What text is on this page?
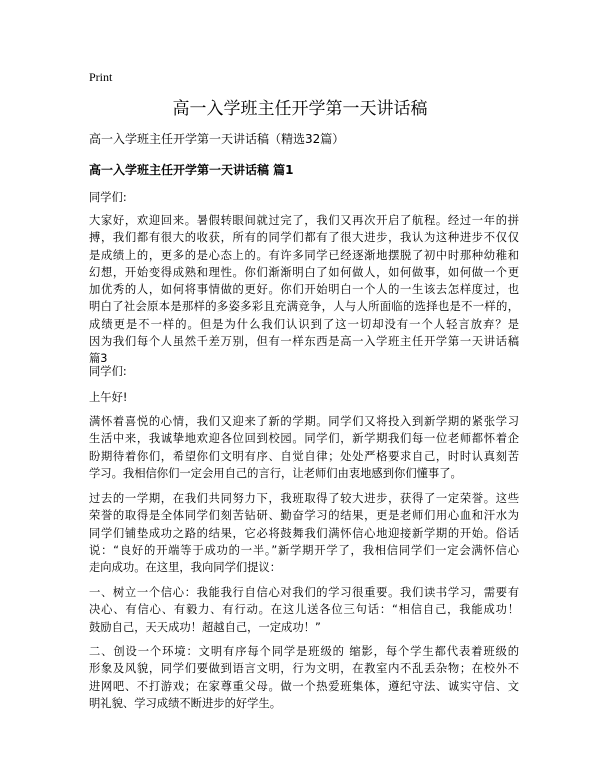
Print
高一入学班主任开学第一天讲话稿
高一入学班主任开学第一天讲话稿（精选32篇）
高一入学班主任开学第一天讲话稿 篇1
同学们:
大家好，欢迎回来。暑假转眼间就过完了，我们又再次开启了航程。经过一年的拼
搏，我们都有很大的收获，所有的同学们都有了很大进步，我认为这种进步不仅仅
是成绩上的，更多的是心态上的。有许多同学已经逐渐地摆脱了初中时那种幼稚和
幻想，开始变得成熟和理性。你们渐渐明白了如何做人，如何做事，如何做一个更
加优秀的人，如何将事情做的更好。你们开始明白一个人的一生该去怎样度过，也
明白了社会原本是那样的多姿多彩且充满竞争，人与人所面临的选择也是不一样的，
成绩更是不一样的。但是为什么我们认识到了这一切却没有一个人轻言放弃？是
因为我们每个人虽然千差万别，但有一样东西是高一入学班主任开学第一天讲话稿
篇3
同学们:
上午好!
满怀着喜悦的心情，我们又迎来了新的学期。同学们又将投入到新学期的紧张学习
生活中来，我诚挚地欢迎各位回到校园。同学们，新学期我们每一位老师都怀着企
盼期待着你们，希望你们文明有序、自觉自律；处处严格要求自己，时时认真刻苦
学习。我相信你们一定会用自己的言行，让老师们由衷地感到你们懂事了。
过去的一学期，在我们共同努力下，我班取得了较大进步，获得了一定荣誉。这些
荣誉的取得是全体同学们刻苦钻研、勤奋学习的结果，更是老师们用心血和汗水为
同学们铺垫成功之路的结果，它必将鼓舞我们满怀信心地迎接新学期的开始。俗话
说：“良好的开端等于成功的一半。”新学期开学了，我相信同学们一定会满怀信心
走向成功。在这里，我向同学们提议：
一、树立一个信心：我能我行自信心对我们的学习很重要。我们读书学习，需要有
决心、有信心、有毅力、有行动。在这儿送各位三句话：“相信自己，我能成功！
鼓励自己，天天成功！超越自己，一定成功！”
二、创设一个环境：文明有序每个同学是班级的 缩影，每个学生都代表着班级的
形象及风貌，同学们要做到语言文明，行为文明，在教室内不乱丢杂物；在校外不
进网吧、不打游戏；在家尊重父母。做一个热爱班集体，遵纪守法、诚实守信、文
明礼貌、学习成绩不断进步的好学生。
